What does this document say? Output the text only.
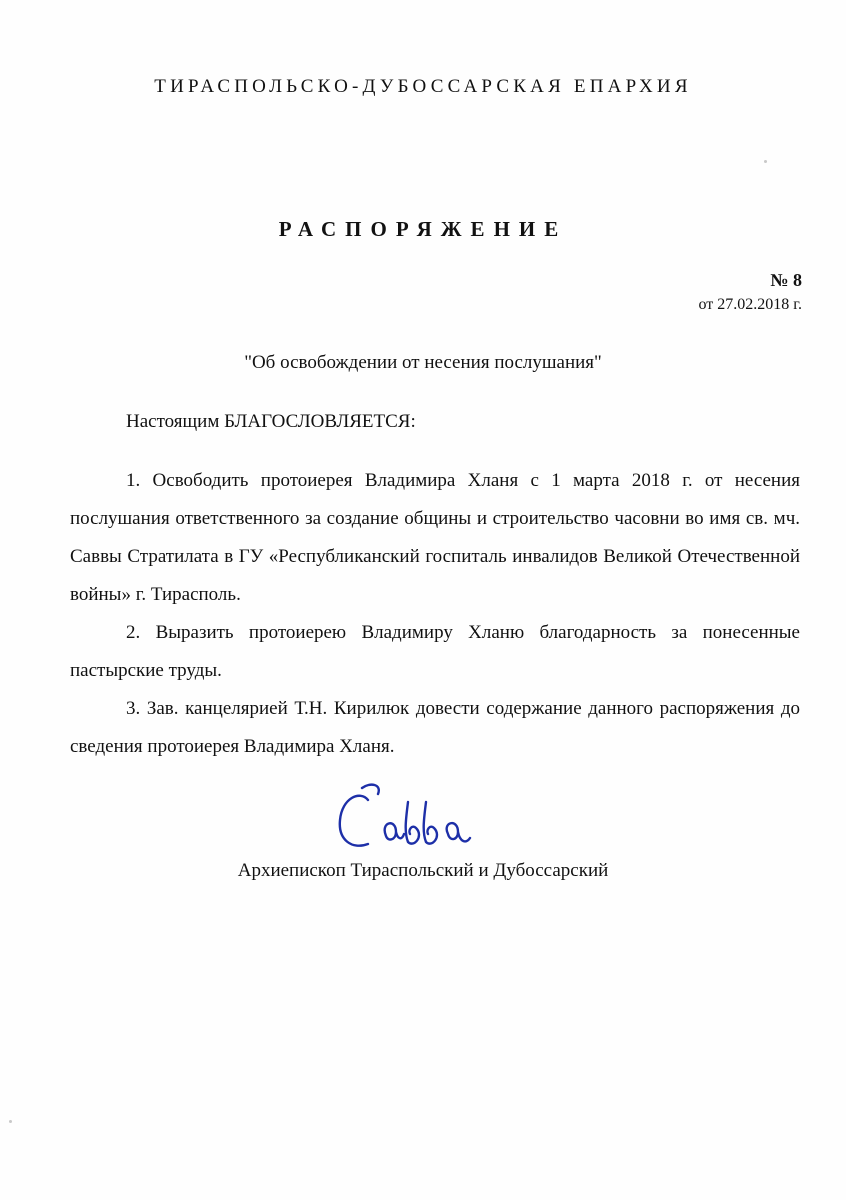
ТИРАСПОЛЬСКО-ДУБОССАРСКАЯ ЕПАРХИЯ
РАСПОРЯЖЕНИЕ
№ 8
от 27.02.2018 г.
"Об освобождении от несения послушания"
Настоящим БЛАГОСЛОВЛЯЕТСЯ:

1. Освободить протоиерея Владимира Хланя с 1 марта 2018 г. от несения послушания ответственного за создание общины и строительство часовни во имя св. мч. Саввы Стратилата в ГУ «Республиканский госпиталь инвалидов Великой Отечественной войны» г. Тирасполь.

2. Выразить протоиерею Владимиру Хланю благодарность за понесенные пастырские труды.

3. Зав. канцелярией Т.Н. Кирилюк довести содержание данного распоряжения до сведения протоиерея Владимира Хланя.

Архиепископ Тираспольский и Дубоссарский
